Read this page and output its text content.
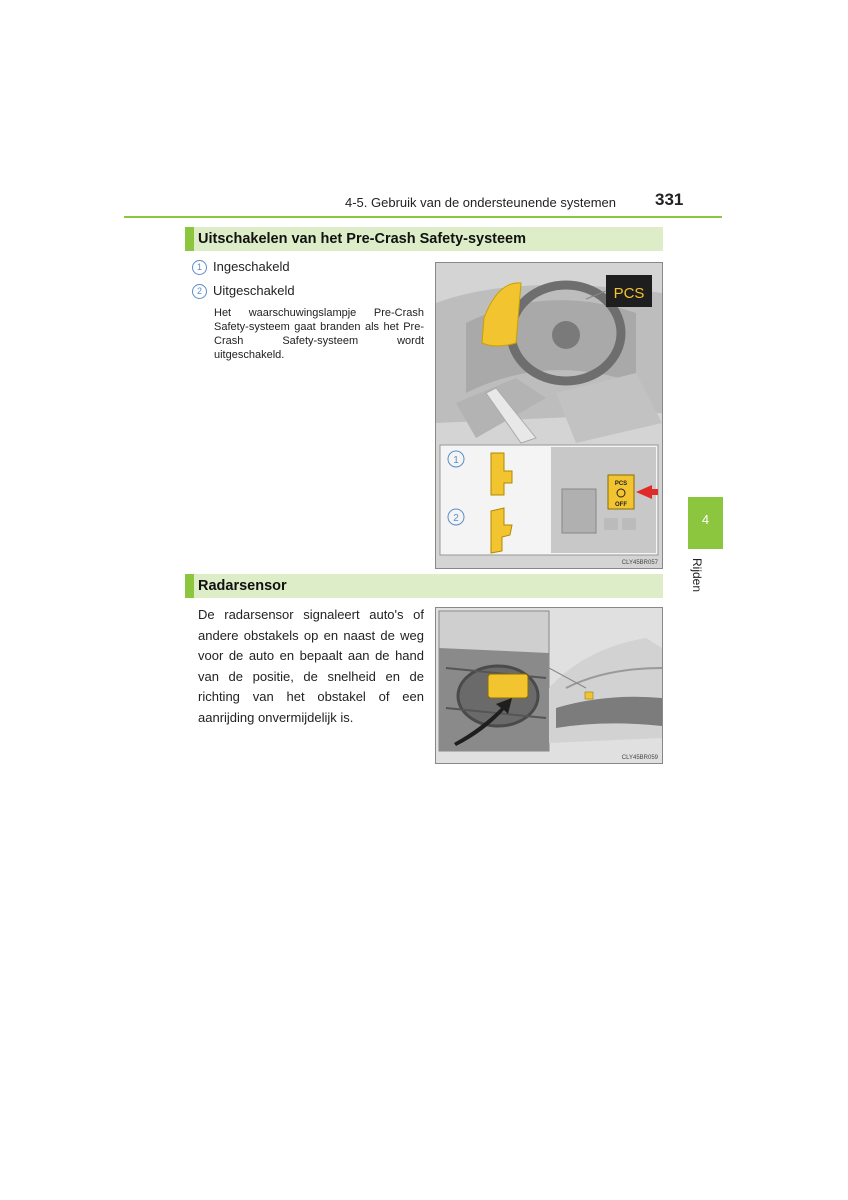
4-5. Gebruik van de ondersteunende systemen 331
Uitschakelen van het Pre-Crash Safety-systeem
1 Ingeschakeld
2 Uitgeschakeld
Het waarschuwingslampje Pre-Crash Safety-systeem gaat branden als het Pre-Crash Safety-systeem wordt uitgeschakeld.
PCS
1
2
PCS
OFF
CLY45BR057
Radarsensor
De radarsensor signaleert auto's of andere obstakels op en naast de weg voor de auto en bepaalt aan de hand van de positie, de snelheid en de richting van het obstakel of een aanrijding onvermijdelijk is.
CLY45BR059
4
Rijden
